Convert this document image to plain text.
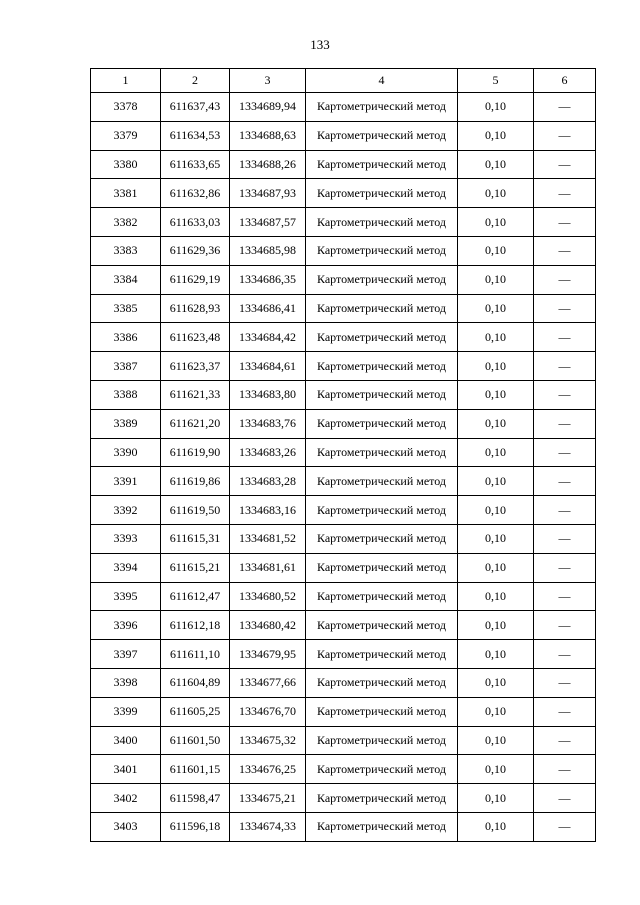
133
1	2	3	4	5	6
3378	611637,43	1334689,94	Картометрический метод	0,10	—
3379	611634,53	1334688,63	Картометрический метод	0,10	—
3380	611633,65	1334688,26	Картометрический метод	0,10	—
3381	611632,86	1334687,93	Картометрический метод	0,10	—
3382	611633,03	1334687,57	Картометрический метод	0,10	—
3383	611629,36	1334685,98	Картометрический метод	0,10	—
3384	611629,19	1334686,35	Картометрический метод	0,10	—
3385	611628,93	1334686,41	Картометрический метод	0,10	—
3386	611623,48	1334684,42	Картометрический метод	0,10	—
3387	611623,37	1334684,61	Картометрический метод	0,10	—
3388	611621,33	1334683,80	Картометрический метод	0,10	—
3389	611621,20	1334683,76	Картометрический метод	0,10	—
3390	611619,90	1334683,26	Картометрический метод	0,10	—
3391	611619,86	1334683,28	Картометрический метод	0,10	—
3392	611619,50	1334683,16	Картометрический метод	0,10	—
3393	611615,31	1334681,52	Картометрический метод	0,10	—
3394	611615,21	1334681,61	Картометрический метод	0,10	—
3395	611612,47	1334680,52	Картометрический метод	0,10	—
3396	611612,18	1334680,42	Картометрический метод	0,10	—
3397	611611,10	1334679,95	Картометрический метод	0,10	—
3398	611604,89	1334677,66	Картометрический метод	0,10	—
3399	611605,25	1334676,70	Картометрический метод	0,10	—
3400	611601,50	1334675,32	Картометрический метод	0,10	—
3401	611601,15	1334676,25	Картометрический метод	0,10	—
3402	611598,47	1334675,21	Картометрический метод	0,10	—
3403	611596,18	1334674,33	Картометрический метод	0,10	—
